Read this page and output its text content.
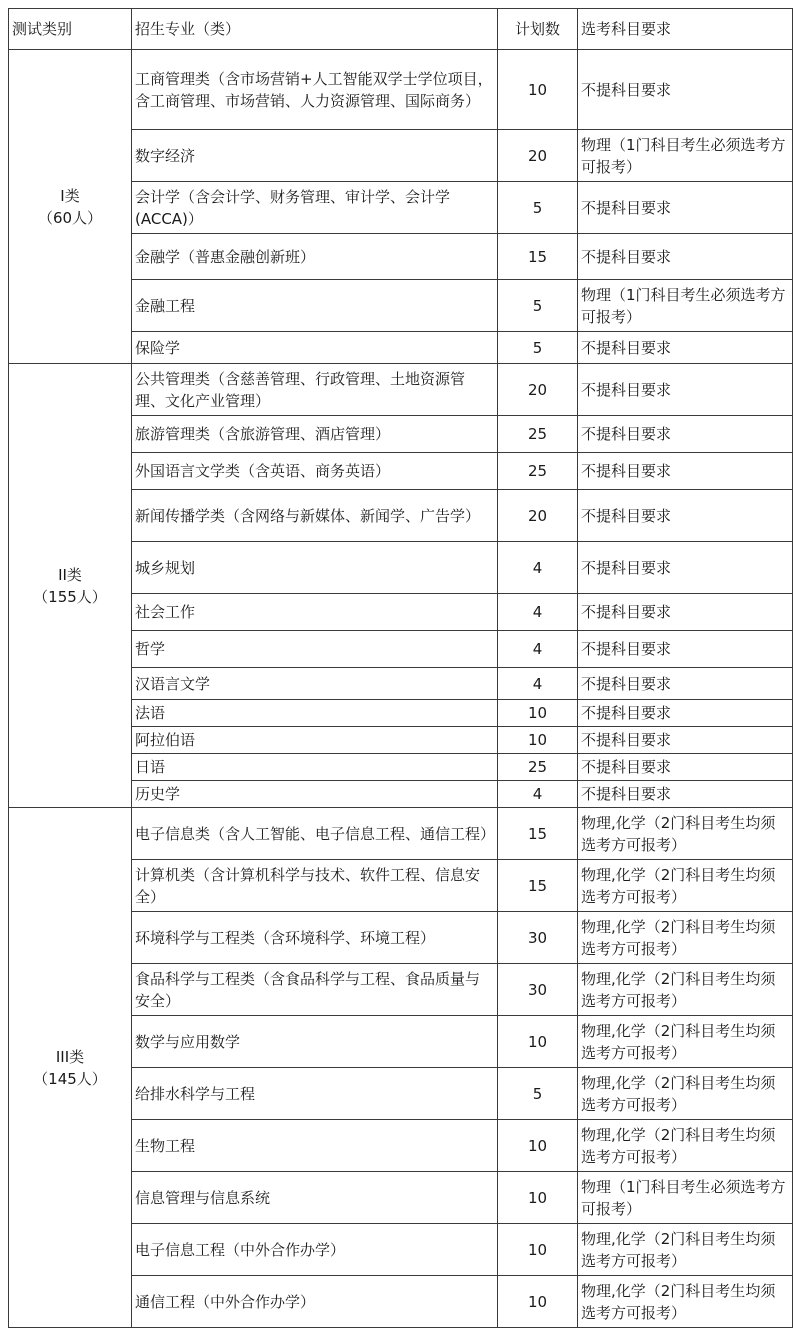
测试类别	招生专业（类）	计划数	选考科目要求

I类
（60人）	工商管理类（含市场营销+人工智能双学士学位项目，含工商管理、市场营销、人力资源管理、国际商务）	10	不提科目要求
	数字经济	20	物理（1门科目考生必须选考方可报考）
	会计学（含会计学、财务管理、审计学、会计学(ACCA)）	5	不提科目要求
	金融学（普惠金融创新班）	15	不提科目要求
	金融工程	5	物理（1门科目考生必须选考方可报考）
	保险学	5	不提科目要求

II类
（155人）	公共管理类（含慈善管理、行政管理、土地资源管理、文化产业管理）	20	不提科目要求
	旅游管理类（含旅游管理、酒店管理）	25	不提科目要求
	外国语言文学类（含英语、商务英语）	25	不提科目要求
	新闻传播学类（含网络与新媒体、新闻学、广告学）	20	不提科目要求
	城乡规划	4	不提科目要求
	社会工作	4	不提科目要求
	哲学	4	不提科目要求
	汉语言文学	4	不提科目要求
	法语	10	不提科目要求
	阿拉伯语	10	不提科目要求
	日语	25	不提科目要求
	历史学	4	不提科目要求

III类
（145人）	电子信息类（含人工智能、电子信息工程、通信工程）	15	物理,化学（2门科目考生均须选考方可报考）
	计算机类（含计算机科学与技术、软件工程、信息安全）	15	物理,化学（2门科目考生均须选考方可报考）
	环境科学与工程类（含环境科学、环境工程）	30	物理,化学（2门科目考生均须选考方可报考）
	食品科学与工程类（含食品科学与工程、食品质量与安全）	30	物理,化学（2门科目考生均须选考方可报考）
	数学与应用数学	10	物理,化学（2门科目考生均须选考方可报考）
	给排水科学与工程	5	物理,化学（2门科目考生均须选考方可报考）
	生物工程	10	物理,化学（2门科目考生均须选考方可报考）
	信息管理与信息系统	10	物理（1门科目考生必须选考方可报考）
	电子信息工程（中外合作办学）	10	物理,化学（2门科目考生均须选考方可报考）
	通信工程（中外合作办学）	10	物理,化学（2门科目考生均须选考方可报考）
